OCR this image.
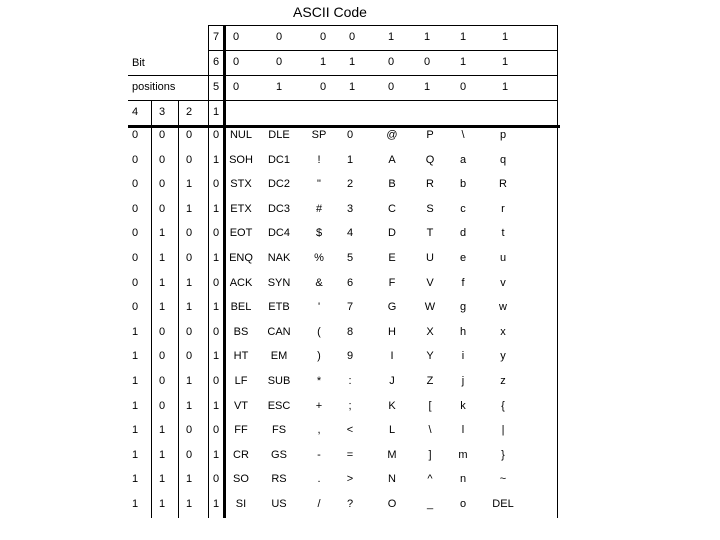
ASCII Code
Bit
positions
7	0	0	0	0	1	1	1	1
6	0	0	1	1	0	0	1	1
5	0	1	0	1	0	1	0	1
4	3	2	1
0	0	0	0 NUL	DLE	SP	0	@	P	\	p
0	0	0	1 SOH	DC1	!	1	A	Q	a	q
0	0	1	0	STX	DC2	"	2	B	R	b	R
0	0	1	1	ETX	DC3	#	3	C	S	c	r
0	1	0	0 EOT	DC4	$	4	D	T	d	t
0	1	0	1 ENQ	NAK	%	5	E	U	e	u
0	1	1	0 ACK	SYN	&	6	F	V	f	v
0	1	1	1	BEL	ETB	'	7	G	W	g	w
1	0	0	0	BS	CAN	(	8	H	X	h	x
1	0	0	1	HT	EM	)	9	I	Y	i	y
1	0	1	0	LF	SUB	*	:	J	Z	j	z
1	0	1	1	VT	ESC	+	;	K	[	k	{
1	1	0	0	FF	FS	,	<	L	\	l	|
1	1	0	1	CR	GS	-	=	M	]	m	}
1	1	1	0	SO	RS	.	>	N	^	n	~
1	1	1	1	SI	US	/	?	O	_	o	DEL
